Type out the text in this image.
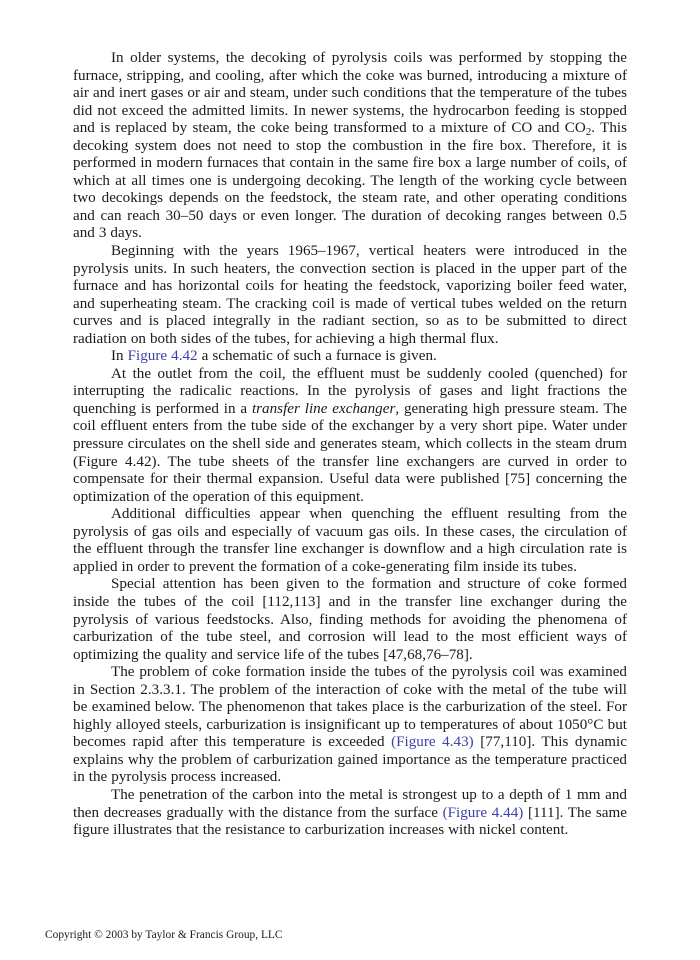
In older systems, the decoking of pyrolysis coils was performed by stopping the furnace, stripping, and cooling, after which the coke was burned, introducing a mixture of air and inert gases or air and steam, under such conditions that the temperature of the tubes did not exceed the admitted limits. In newer systems, the hydrocarbon feeding is stopped and is replaced by steam, the coke being transformed to a mixture of CO and $CO_2$. This decoking system does not need to stop the combustion in the fire box. Therefore, it is performed in modern furnaces that contain in the same fire box a large number of coils, of which at all times one is undergoing decoking. The length of the working cycle between two decokings depends on the feedstock, the steam rate, and other operating conditions and can reach 30–50 days or even longer. The duration of decoking ranges between 0.5 and 3 days.

Beginning with the years 1965–1967, vertical heaters were introduced in the pyrolysis units. In such heaters, the convection section is placed in the upper part of the furnace and has horizontal coils for heating the feedstock, vaporizing boiler feed water, and superheating steam. The cracking coil is made of vertical tubes welded on the return curves and is placed integrally in the radiant section, so as to be submitted to direct radiation on both sides of the tubes, for achieving a high thermal flux.

In Figure 4.42 a schematic of such a furnace is given.

At the outlet from the coil, the effluent must be suddenly cooled (quenched) for interrupting the radicalic reactions. In the pyrolysis of gases and light fractions the quenching is performed in a transfer line exchanger, generating high pressure steam. The coil effluent enters from the tube side of the exchanger by a very short pipe. Water under pressure circulates on the shell side and generates steam, which collects in the steam drum (Figure 4.42). The tube sheets of the transfer line exchangers are curved in order to compensate for their thermal expansion. Useful data were published [75] concerning the optimization of the operation of this equipment.

Additional difficulties appear when quenching the effluent resulting from the pyrolysis of gas oils and especially of vacuum gas oils. In these cases, the circulation of the effluent through the transfer line exchanger is downflow and a high circulation rate is applied in order to prevent the formation of a coke-generating film inside its tubes.

Special attention has been given to the formation and structure of coke formed inside the tubes of the coil [112,113] and in the transfer line exchanger during the pyrolysis of various feedstocks. Also, finding methods for avoiding the phenomena of carburization of the tube steel, and corrosion will lead to the most efficient ways of optimizing the quality and service life of the tubes [47,68,76–78].

The problem of coke formation inside the tubes of the pyrolysis coil was examined in Section 2.3.3.1. The problem of the interaction of coke with the metal of the tube will be examined below. The phenomenon that takes place is the carburization of the steel. For highly alloyed steels, carburization is insignificant up to temperatures of about 1050°C but becomes rapid after this temperature is exceeded (Figure 4.43) [77,110]. This dynamic explains why the problem of carburization gained importance as the temperature practiced in the pyrolysis process increased.

The penetration of the carbon into the metal is strongest up to a depth of 1 mm and then decreases gradually with the distance from the surface (Figure 4.44) [111]. The same figure illustrates that the resistance to carburization increases with nickel content.

Copyright © 2003 by Taylor & Francis Group, LLC
